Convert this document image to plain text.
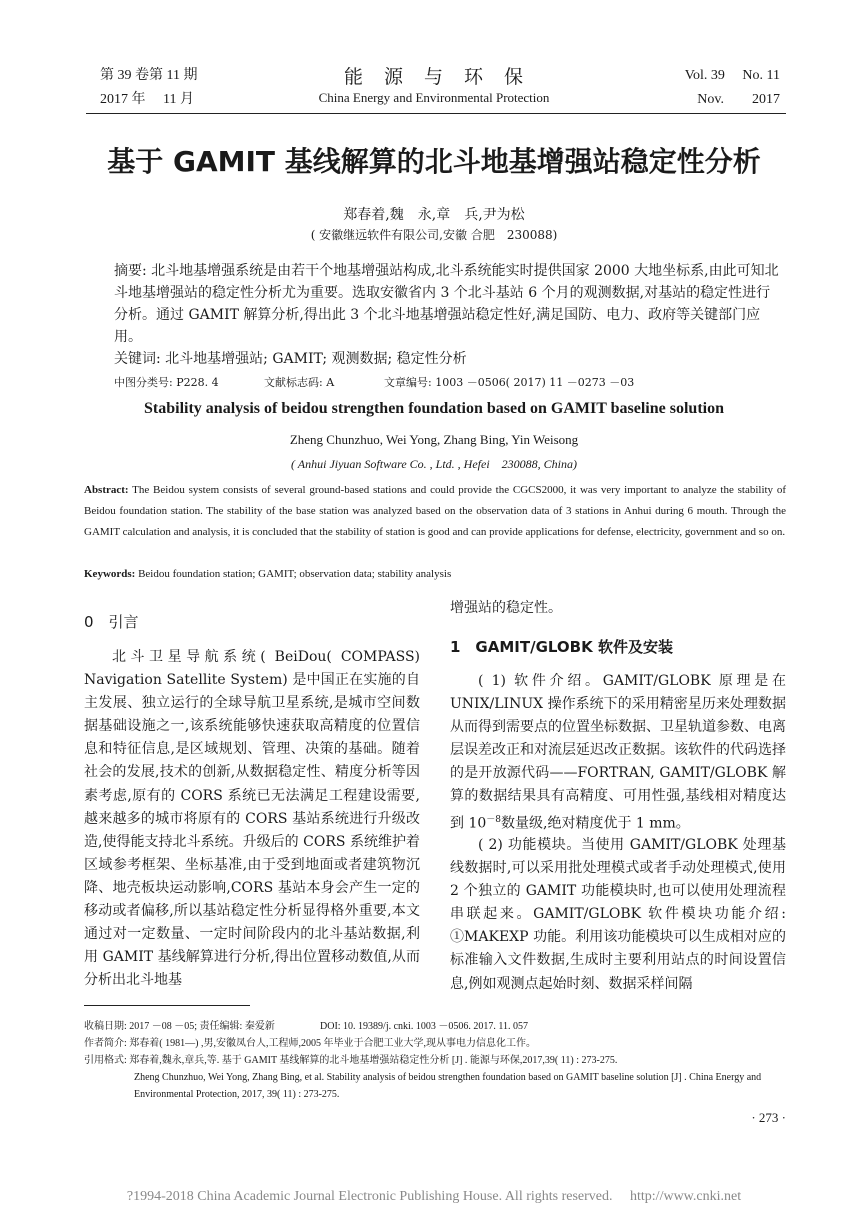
第 39 卷第 11 期
2017 年　 11 月
能　源　与　环　保
China Energy and Environmental Protection
Vol. 39　 No. 11
Nov.　　2017
基于 GAMIT 基线解算的北斗地基增强站稳定性分析
郑春着,魏　永,章　兵,尹为松
( 安徽继远软件有限公司,安徽 合肥　230088)
摘要: 北斗地基增强系统是由若干个地基增强站构成,北斗系统能实时提供国家 2000 大地坐标系,由此可知北斗地基增强站的稳定性分析尤为重要。选取安徽省内 3 个北斗基站 6 个月的观测数据,对基站的稳定性进行分析。通过 GAMIT 解算分析,得出此 3 个北斗地基增强站稳定性好,满足国防、电力、政府等关键部门应用。
关键词: 北斗地基增强站; GAMIT; 观测数据; 稳定性分析
中图分类号: P228. 4	文献标志码: A	文章编号: 1003 －0506( 2017) 11 －0273 －03
Stability analysis of beidou strengthen foundation based on GAMIT baseline solution
Zheng Chunzhuo, Wei Yong, Zhang Bing, Yin Weisong
( Anhui Jiyuan Software Co. , Ltd. , Hefei　230088, China)
Abstract: The Beidou system consists of several ground-based stations and could provide the CGCS2000, it was very important to analyze the stability of Beidou foundation station. The stability of the base station was analyzed based on the observation data of 3 stations in Anhui during 6 mouth. Through the GAMIT calculation and analysis, it is concluded that the stability of station is good and can provide applications for defense, electricity, government and so on.
Keywords: Beidou foundation station; GAMIT; observation data; stability analysis
0　引言
北斗卫星导航系统( BeiDou( COMPASS) Navigation Satellite System) 是中国正在实施的自主发展、独立运行的全球导航卫星系统,是城市空间数据基础设施之一,该系统能够快速获取高精度的位置信息和特征信息,是区域规划、管理、决策的基础。随着社会的发展,技术的创新,从数据稳定性、精度分析等因素考虑,原有的 CORS 系统已无法满足工程建设需要,越来越多的城市将原有的 CORS 基站系统进行升级改造,使得能支持北斗系统。升级后的 CORS 系统维护着区域参考框架、坐标基准,由于受到地面或者建筑物沉降、地壳板块运动影响,CORS 基站本身会产生一定的移动或者偏移,所以基站稳定性分析显得格外重要,本文通过对一定数量、一定时间阶段内的北斗基站数据,利用 GAMIT 基线解算进行分析,得出位置移动数值,从而分析出北斗地基
增强站的稳定性。
1　GAMIT/GLOBK 软件及安装
( 1) 软件介绍。GAMIT/GLOBK 原理是在 UNIX/LINUX 操作系统下的采用精密星历来处理数据从而得到需要点的位置坐标数据、卫星轨道参数、电离层误差改正和对流层延迟改正数据。该软件的代码选择的是开放源代码——FORTRAN, GAMIT/GLOBK 解算的数据结果具有高精度、可用性强,基线相对精度达到 $10^{-8}$数量级,绝对精度优于 1 mm。
( 2) 功能模块。当使用 GAMIT/GLOBK 处理基线数据时,可以采用批处理模式或者手动处理模式,使用 2 个独立的 GAMIT 功能模块时,也可以使用处理流程串联起来。GAMIT/GLOBK 软件模块功能介绍: ①MAKEXP 功能。利用该功能模块可以生成相对应的标准输入文件数据,生成时主要利用站点的时间设置信息,例如观测点起始时刻、数据采样间隔
收稿日期: 2017 －08 －05; 责任编辑: 秦爱新	DOI: 10. 19389/j. cnki. 1003 －0506. 2017. 11. 057
作者简介: 郑春着( 1981—) ,男,安徽凤台人,工程师,2005 年毕业于合肥工业大学,现从事电力信息化工作。
引用格式: 郑春着,魏永,章兵,等. 基于 GAMIT 基线解算的北斗地基增强站稳定性分析 [J] . 能源与环保,2017,39( 11) : 273-275.
Zheng Chunzhuo, Wei Yong, Zhang Bing, et al. Stability analysis of beidou strengthen foundation based on GAMIT baseline solution [J] . China Energy and Environmental Protection, 2017, 39( 11) : 273-275.
· 273 ·
?1994-2018 China Academic Journal Electronic Publishing House. All rights reserved.　 http://www.cnki.net
